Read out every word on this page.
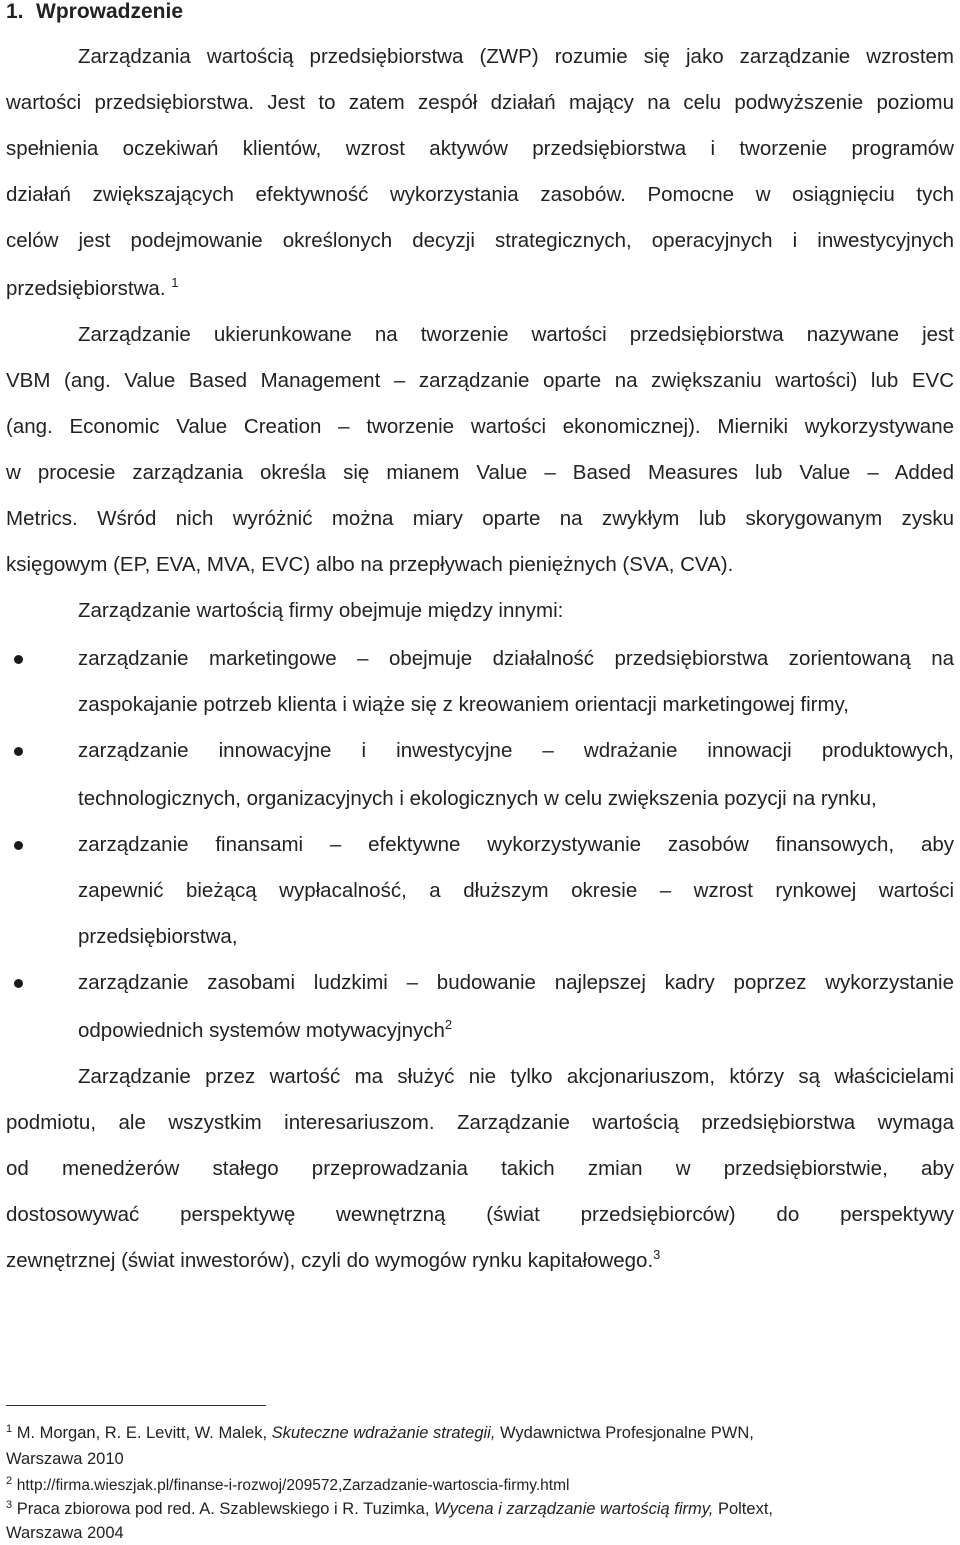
1. Wprowadzenie
Zarządzania wartością przedsiębiorstwa (ZWP) rozumie się jako zarządzanie wzrostem
wartości przedsiębiorstwa. Jest to zatem zespół działań mający na celu podwyższenie poziomu
spełnienia oczekiwań klientów, wzrost aktywów przedsiębiorstwa i tworzenie programów
działań zwiększających efektywność wykorzystania zasobów. Pomocne w osiągnięciu tych
celów jest podejmowanie określonych decyzji strategicznych, operacyjnych i inwestycyjnych
przedsiębiorstwa. $^1$
Zarządzanie ukierunkowane na tworzenie wartości przedsiębiorstwa nazywane jest
VBM (ang. Value Based Management – zarządzanie oparte na zwiększaniu wartości) lub EVC
(ang. Economic Value Creation – tworzenie wartości ekonomicznej). Mierniki wykorzystywane
w procesie zarządzania określa się mianem Value – Based Measures lub Value – Added
Metrics. Wśród nich wyróżnić można miary oparte na zwykłym lub skorygowanym zysku
księgowym (EP, EVA, MVA, EVC) albo na przepływach pieniężnych (SVA, CVA).
Zarządzanie wartością firmy obejmuje między innymi:
zarządzanie marketingowe – obejmuje działalność przedsiębiorstwa zorientowaną na
zaspokajanie potrzeb klienta i wiąże się z kreowaniem orientacji marketingowej firmy,
zarządzanie innowacyjne i inwestycyjne – wdrażanie innowacji produktowych,
technologicznych, organizacyjnych i ekologicznych w celu zwiększenia pozycji na rynku,
zarządzanie finansami – efektywne wykorzystywanie zasobów finansowych, aby
zapewnić bieżącą wypłacalność, a dłuższym okresie – wzrost rynkowej wartości
przedsiębiorstwa,
zarządzanie zasobami ludzkimi – budowanie najlepszej kadry poprzez wykorzystanie
odpowiednich systemów motywacyjnych$^2$
Zarządzanie przez wartość ma służyć nie tylko akcjonariuszom, którzy są właścicielami
podmiotu, ale wszystkim interesariuszom. Zarządzanie wartością przedsiębiorstwa wymaga
od menedżerów stałego przeprowadzania takich zmian w przedsiębiorstwie, aby
dostosowywać perspektywę wewnętrzną (świat przedsiębiorców) do perspektywy
zewnętrznej (świat inwestorów), czyli do wymogów rynku kapitałowego.$^3$
$^1$ M. Morgan, R. E. Levitt, W. Malek, Skuteczne wdrażanie strategii, Wydawnictwa Profesjonalne PWN,
Warszawa 2010
$^2$ http://firma.wieszjak.pl/finanse-i-rozwoj/209572,Zarzadzanie-wartoscia-firmy.html
$^3$ Praca zbiorowa pod red. A. Szablewskiego i R. Tuzimka, Wycena i zarządzanie wartością firmy, Poltext,
Warszawa 2004
